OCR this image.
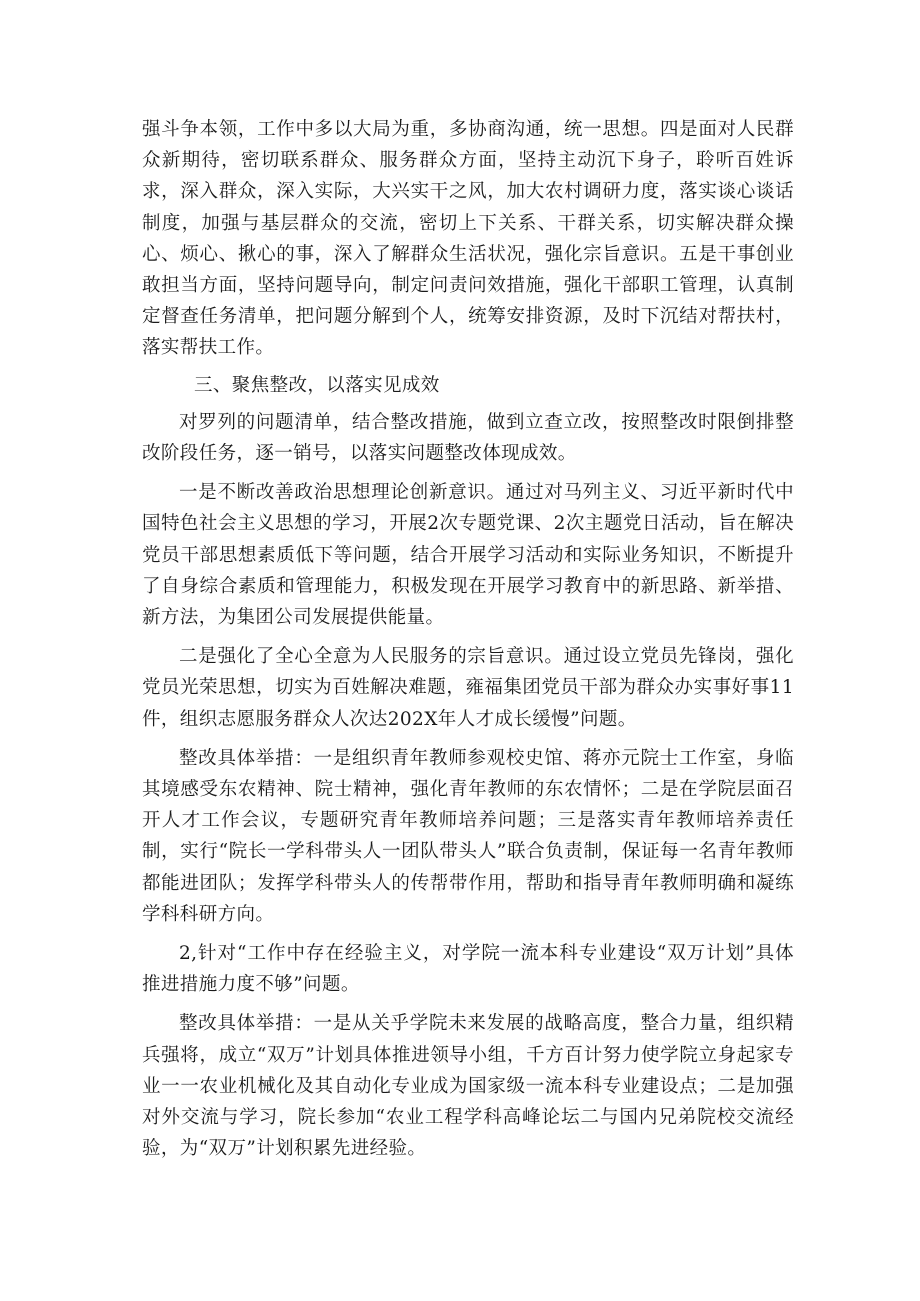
强斗争本领，工作中多以大局为重，多协商沟通，统一思想。四是面对人民群众新期待，密切联系群众、服务群众方面，坚持主动沉下身子，聆听百姓诉求，深入群众，深入实际，大兴实干之风，加大农村调研力度，落实谈心谈话制度，加强与基层群众的交流，密切上下关系、干群关系，切实解决群众操心、烦心、揪心的事，深入了解群众生活状况，强化宗旨意识。五是干事创业敢担当方面，坚持问题导向，制定问责问效措施，强化干部职工管理，认真制定督查任务清单，把问题分解到个人，统筹安排资源，及时下沉结对帮扶村，落实帮扶工作。

三、聚焦整改，以落实见成效

对罗列的问题清单，结合整改措施，做到立查立改，按照整改时限倒排整改阶段任务，逐一销号，以落实问题整改体现成效。

一是不断改善政治思想理论创新意识。通过对马列主义、习近平新时代中国特色社会主义思想的学习，开展2次专题党课、2次主题党日活动，旨在解决党员干部思想素质低下等问题，结合开展学习活动和实际业务知识，不断提升了自身综合素质和管理能力，积极发现在开展学习教育中的新思路、新举措、新方法，为集团公司发展提供能量。

二是强化了全心全意为人民服务的宗旨意识。通过设立党员先锋岗，强化党员光荣思想，切实为百姓解决难题，雍福集团党员干部为群众办实事好事11件，组织志愿服务群众人次达202X年人才成长缓慢”问题。

整改具体举措：一是组织青年教师参观校史馆、蒋亦元院士工作室，身临其境感受东农精神、院士精神，强化青年教师的东农情怀；二是在学院层面召开人才工作会议，专题研究青年教师培养问题；三是落实青年教师培养责任制，实行“院长一学科带头人一团队带头人”联合负责制，保证每一名青年教师都能进团队；发挥学科带头人的传帮带作用，帮助和指导青年教师明确和凝练学科科研方向。

2,针对“工作中存在经验主义，对学院一流本科专业建设“双万计划”具体推进措施力度不够”问题。

整改具体举措：一是从关乎学院未来发展的战略高度，整合力量，组织精兵强将，成立“双万”计划具体推进领导小组，千方百计努力使学院立身起家专业一一农业机械化及其自动化专业成为国家级一流本科专业建设点；二是加强对外交流与学习，院长参加“农业工程学科高峰论坛二与国内兄弟院校交流经验，为“双万”计划积累先进经验。
